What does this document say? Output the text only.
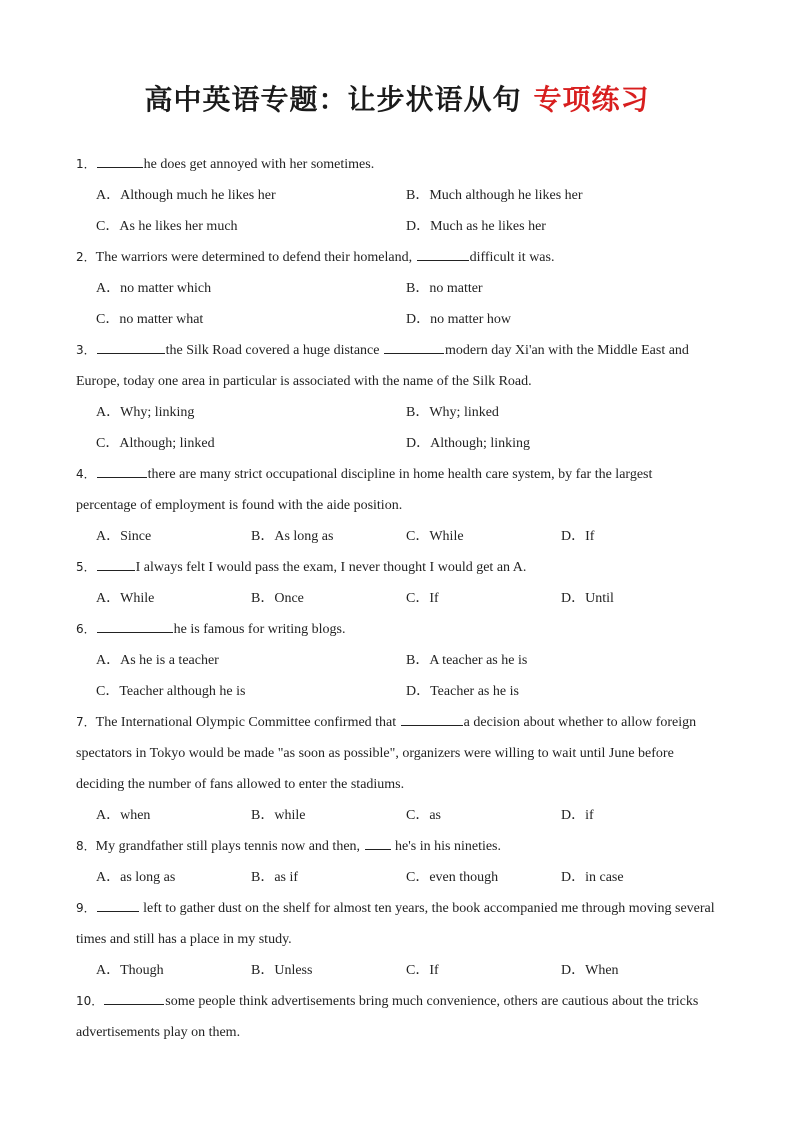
高中英语专题：让步状语从句 专项练习

1．	he does get annoyed with her sometimes.

A．Although much he likes her	B．Much although he likes her
C．As he likes her much	D．Much as he likes her

2．The warriors were determined to defend their homeland,	difficult it was.

A．no matter which	B．no matter
C．no matter what	D．no matter how

3．	the Silk Road covered a huge distance	modern day Xi'an with the Middle East and Europe, today one area in particular is associated with the name of the Silk Road.

A．Why; linking	B．Why; linked
C．Although; linked	D．Although; linking

4．	there are many strict occupational discipline in home health care system, by far the largest percentage of employment is found with the aide position.

A．Since	B．As long as	C．While	D．If

5．	I always felt I would pass the exam, I never thought I would get an A.

A．While	B．Once	C．If	D．Until

6．	he is famous for writing blogs.

A．As he is a teacher	B．A teacher as he is
C．Teacher although he is	D．Teacher as he is

7．The International Olympic Committee confirmed that	a decision about whether to allow foreign spectators in Tokyo would be made "as soon as possible", organizers were willing to wait until June before deciding the number of fans allowed to enter the stadiums.

A．when	B．while	C．as	D．if

8．My grandfather still plays tennis now and then,  he's in his nineties.

A．as long as	B．as if	C．even though	D．in case

9．	left to gather dust on the shelf for almost ten years, the book accompanied me through moving several times and still has a place in my study.

A．Though	B．Unless	C．If	D．When

10．	some people think advertisements bring much convenience, others are cautious about the tricks advertisements play on them.
